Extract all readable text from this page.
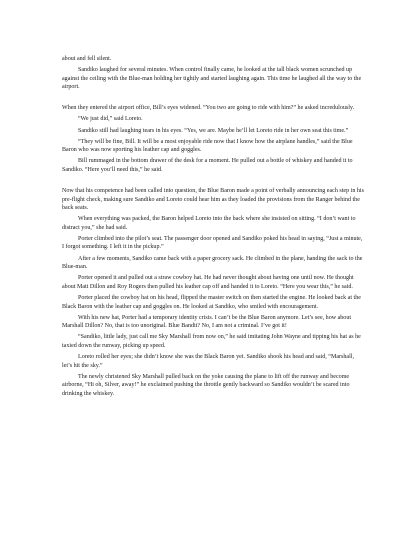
about and fell silent.

Sandiko laughed for several minutes. When control finally came, he looked at the tall black women scrunched up against the ceiling with the Blue-man holding her tightly and started laughing again. This time he laughed all the way to the airport.

When they entered the airport office, Bill’s eyes widened. “You two are going to ride with him?” he asked incredulously.

“We just did,” said Loreto.

Sandiko still had laughing tears in his eyes. “Yes, we are. Maybe he’ll let Loreto ride in her own seat this time.”

“They will be fine, Bill. It will be a most enjoyable ride now that I know how the airplane handles,” said the Blue Baron who was now sporting his leather cap and goggles.

Bill rummaged in the bottom drawer of the desk for a moment. He pulled out a bottle of whiskey and handed it to Sandiko. “Here you’ll need this,” he said.

Now that his competence had been called into question, the Blue Baron made a point of verbally announcing each step in his pre-flight check, making sure Sandiko and Loreto could hear him as they loaded the provisions from the Ranger behind the back seats.

When everything was packed, the Baron helped Loreto into the back where she insisted on sitting. “I don’t want to distract you,” she had said.

Porter climbed into the pilot’s seat. The passenger door opened and Sandiko poked his head in saying, “Just a minute, I forgot something. I left it in the pickup.”

After a few moments, Sandiko came back with a paper grocery sack. He climbed in the plane, handing the sack to the Blue-man.

Porter opened it and pulled out a straw cowboy hat. He had never thought about having one until now. He thought about Matt Dillon and Roy Rogers then pulled his leather cap off and handed it to Loreto. “Here you wear this,” he said.

Porter placed the cowboy hat on his head, flipped the master switch on then started the engine. He looked back at the Black Baron with the leather cap and goggles on. He looked at Sandiko, who smiled with encouragement.

With his new hat, Porter had a temporary identity crisis. I can’t be the Blue Baron anymore. Let’s see, how about Marshall Dillon? No, that is too unoriginal. Blue Bandit? No, I am not a criminal. I’ve got it!

“Sandiko, little lady, just call me Sky Marshall from now on,” he said imitating John Wayne and tipping his hat as he taxied down the runway, picking up speed.

Loreto rolled her eyes; she didn’t know she was the Black Baron yet. Sandiko shook his head and said, “Marshall, let’s hit the sky.”

The newly christened Sky Marshall pulled back on the yoke causing the plane to lift off the runway and become airborne, “Hi oh, Silver, away!” he exclaimed pushing the throttle gently backward so Sandiko wouldn’t be scared into drinking the whiskey.
